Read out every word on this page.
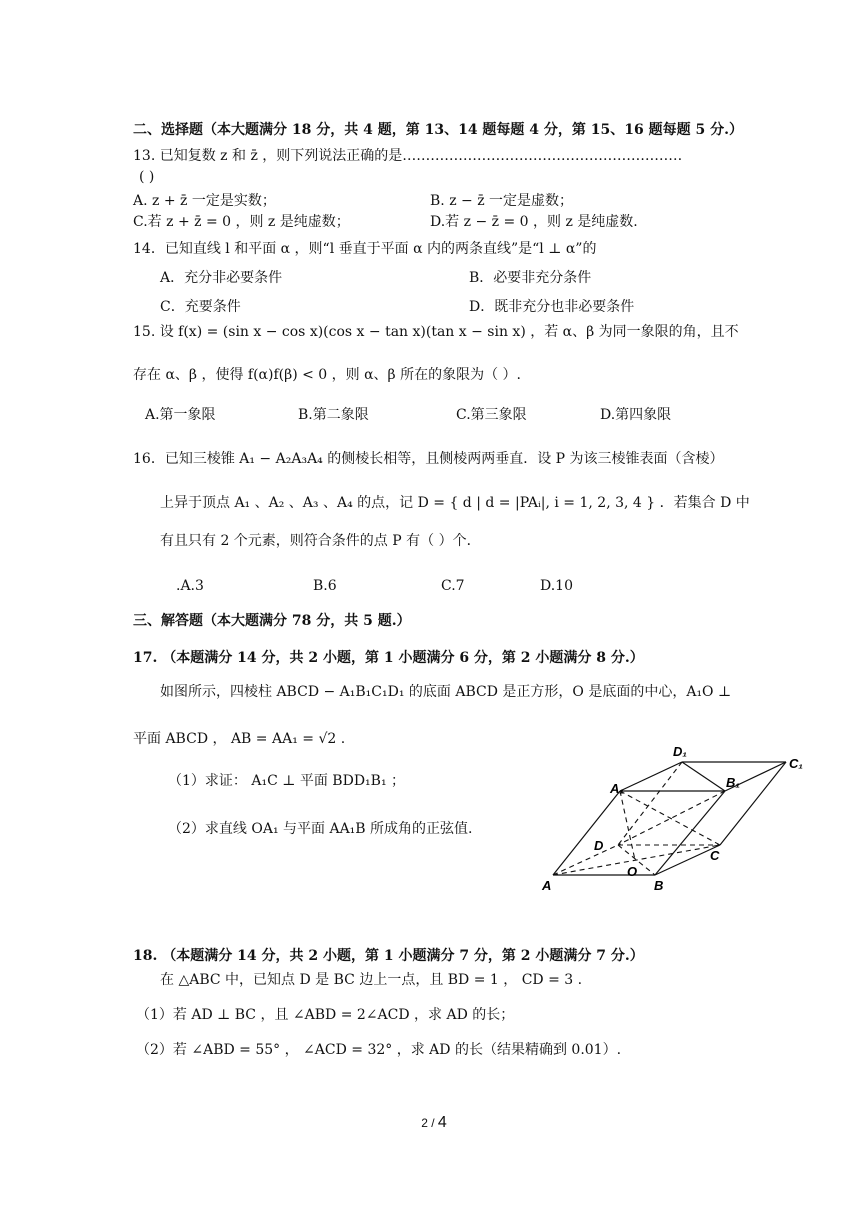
二、选择题（本大题满分 18 分，共 4 题，第 13、14 题每题 4 分，第 15、16 题每题 5 分.）
13. 已知复数 z 和 z̄ ，则下列说法正确的是……………………………………………………
( )
A. z + z̄ 一定是实数；	B. z − z̄ 一定是虚数；
C.若 z + z̄ = 0 ，则 z 是纯虚数；	D.若 z − z̄ = 0 ，则 z 是纯虚数.
14．已知直线 l 和平面 α ，则“l 垂直于平面 α 内的两条直线”是“l ⊥ α”的
A．充分非必要条件	B．必要非充分条件
C．充要条件	D．既非充分也非必要条件
15. 设 f(x) = (sin x − cos x)(cos x − tan x)(tan x − sin x) ，若 α、β 为同一象限的角，且不
存在 α、β ，使得 f(α)f(β) < 0 ，则 α、β 所在的象限为（ ）.
A.第一象限	B.第二象限	C.第三象限	D.第四象限
16．已知三棱锥 A₁ − A₂A₃A₄ 的侧棱长相等，且侧棱两两垂直．设 P 为该三棱锥表面（含棱）
上异于顶点 A₁ 、A₂ 、A₃ 、A₄ 的点，记 D = { d | d = |PAᵢ|, i = 1, 2, 3, 4 } ．若集合 D 中
有且只有 2 个元素，则符合条件的点 P 有（ ）个．
.A.3	B.6	C.7	D.10
三、解答题（本大题满分 78 分，共 5 题.）
17. （本题满分 14 分，共 2 小题，第 1 小题满分 6 分，第 2 小题满分 8 分.）
如图所示，四棱柱 ABCD − A₁B₁C₁D₁ 的底面 ABCD 是正方形，O 是底面的中心，A₁O ⊥
平面 ABCD ， AB = AA₁ = √2 .
（1）求证： A₁C ⊥ 平面 BDD₁B₁ ；
（2）求直线 OA₁ 与平面 AA₁B 所成角的正弦值.
D₁
C₁
A₁	B₁
D
C
O
A	B
18. （本题满分 14 分，共 2 小题，第 1 小题满分 7 分，第 2 小题满分 7 分.）
在 △ABC 中，已知点 D 是 BC 边上一点，且 BD = 1 ， CD = 3 .
（1）若 AD ⊥ BC ，且 ∠ABD = 2∠ACD ，求 AD 的长；
（2）若 ∠ABD = 55° ， ∠ACD = 32° ，求 AD 的长（结果精确到 0.01）.
2 / 4
